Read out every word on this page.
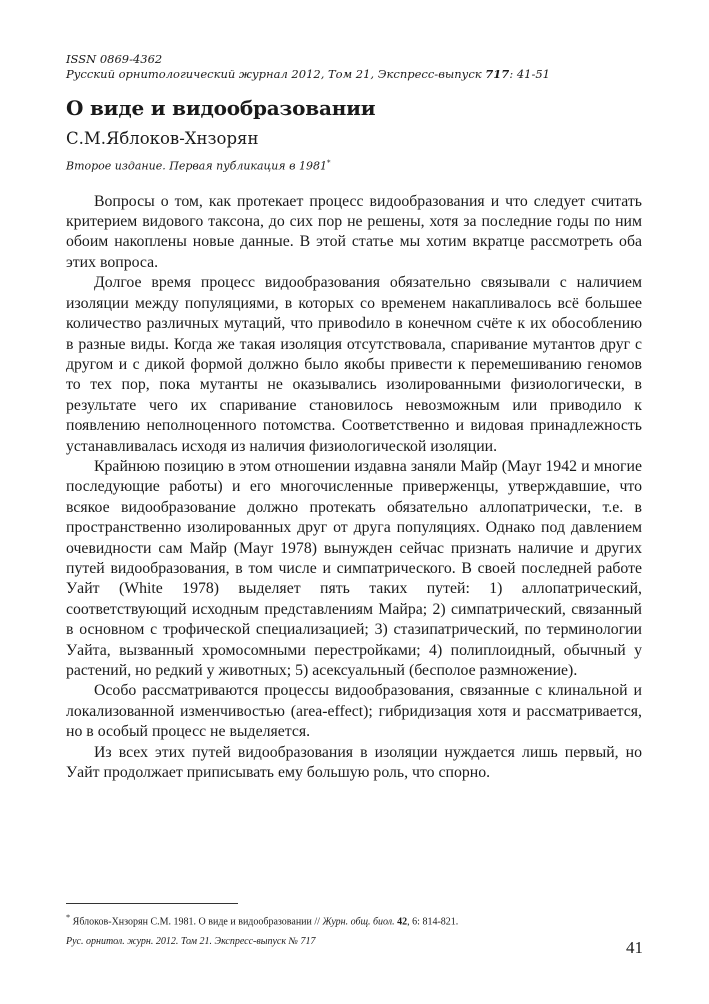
ISSN 0869-4362
Русский орнитологический журнал 2012, Том 21, Экспресс-выпуск 717: 41-51
О виде и видообразовании
С.М.Яблоков-Хнзорян
Второе издание. Первая публикация в 1981*

Вопросы о том, как протекает процесс видообразования и что следует считать критерием видового таксона, до сих пор не решены, хотя за последние годы по ним обоим накоплены новые данные. В этой статье мы хотим вкратце рассмотреть оба этих вопроса.

Долгое время процесс видообразования обязательно связывали с наличием изоляции между популяциями, в которых со временем накапливалось всё большее количество различных мутаций, что привоdило в конечном счёте к их обособлению в разные виды. Когда же такая изоляция отсутствовала, спаривание мутантов друг с другом и с дикой формой должно было якобы привести к перемешиванию геномов то тех пор, пока мутанты не оказывались изолированными физиологически, в результате чего их спаривание становилось невозможным или приводило к появлению неполноценного потомства. Соответственно и видовая принадлежность устанавливалась исходя из наличия физиологической изоляции.

Крайнюю позицию в этом отношении издавна заняли Майр (Mayr 1942 и многие последующие работы) и его многочисленные приверженцы, утверждавшие, что всякое видообразование должно протекать обязательно аллопатрически, т.е. в пространственно изолированных друг от друга популяциях. Однако под давлением очевидности сам Майр (Mayr 1978) вынужден сейчас признать наличие и других путей видообразования, в том числе и симпатрического. В своей последней работе Уайт (White 1978) выделяет пять таких путей: 1) аллопатрический, соответствующий исходным представлениям Майра; 2) симпатрический, связанный в основном с трофической специализацией; 3) стазипатрический, по терминологии Уайта, вызванный хромосомными перестройками; 4) полиплоидный, обычный у растений, но редкий у животных; 5) асексуальный (бесполое размножение).

Особо рассматриваются процессы видообразования, связанные с клинальной и локализованной изменчивостью (area-effect); гибридизация хотя и рассматривается, но в особый процесс не выделяется.

Из всех этих путей видообразования в изоляции нуждается лишь первый, но Уайт продолжает приписывать ему большую роль, что спорно.

* Яблоков-Хнзорян С.М. 1981. О виде и видообразовании // Журн. общ. биол. 42, 6: 814-821.
Рус. орнитол. журн. 2012. Том 21. Экспресс-выпуск № 717	41
